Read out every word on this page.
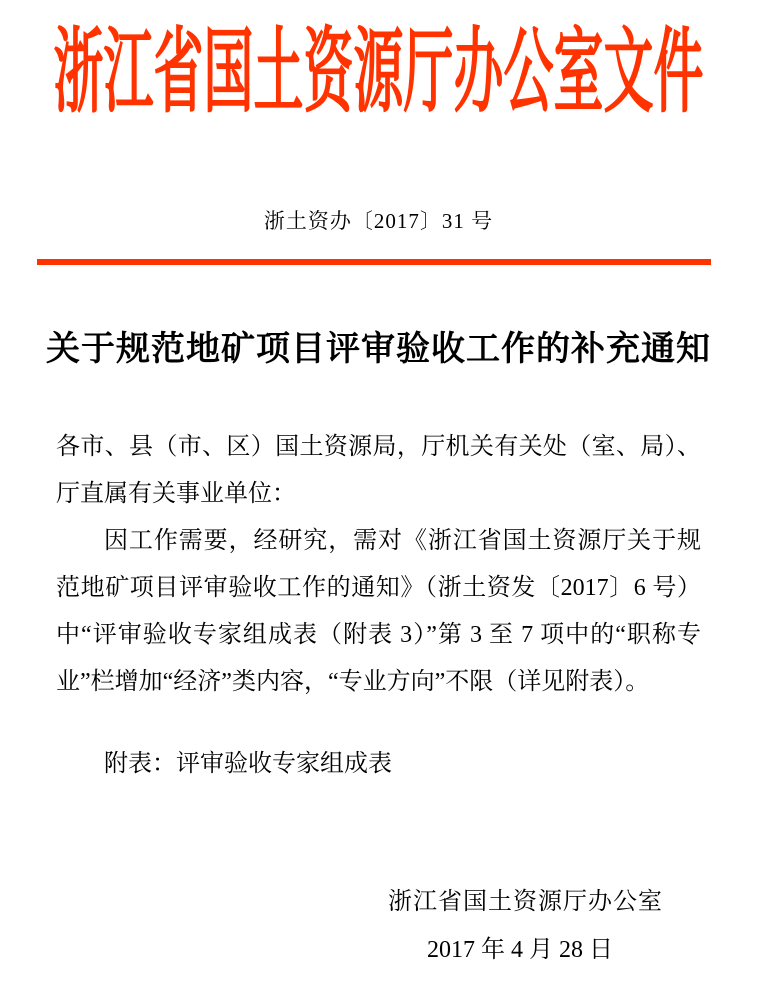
浙江省国土资源厅办公室文件
浙土资办〔2017〕31 号
关于规范地矿项目评审验收工作的补充通知
各市、县（市、区）国土资源局，厅机关有关处（室、局）、
厅直属有关事业单位：
因工作需要，经研究，需对《浙江省国土资源厅关于规
范地矿项目评审验收工作的通知》（浙土资发〔2017〕6 号）
中“评审验收专家组成表（附表 3）”第 3 至 7 项中的“职称专
业”栏增加“经济”类内容，“专业方向”不限（详见附表）。
附表：评审验收专家组成表
浙江省国土资源厅办公室
2017 年 4 月 28 日
